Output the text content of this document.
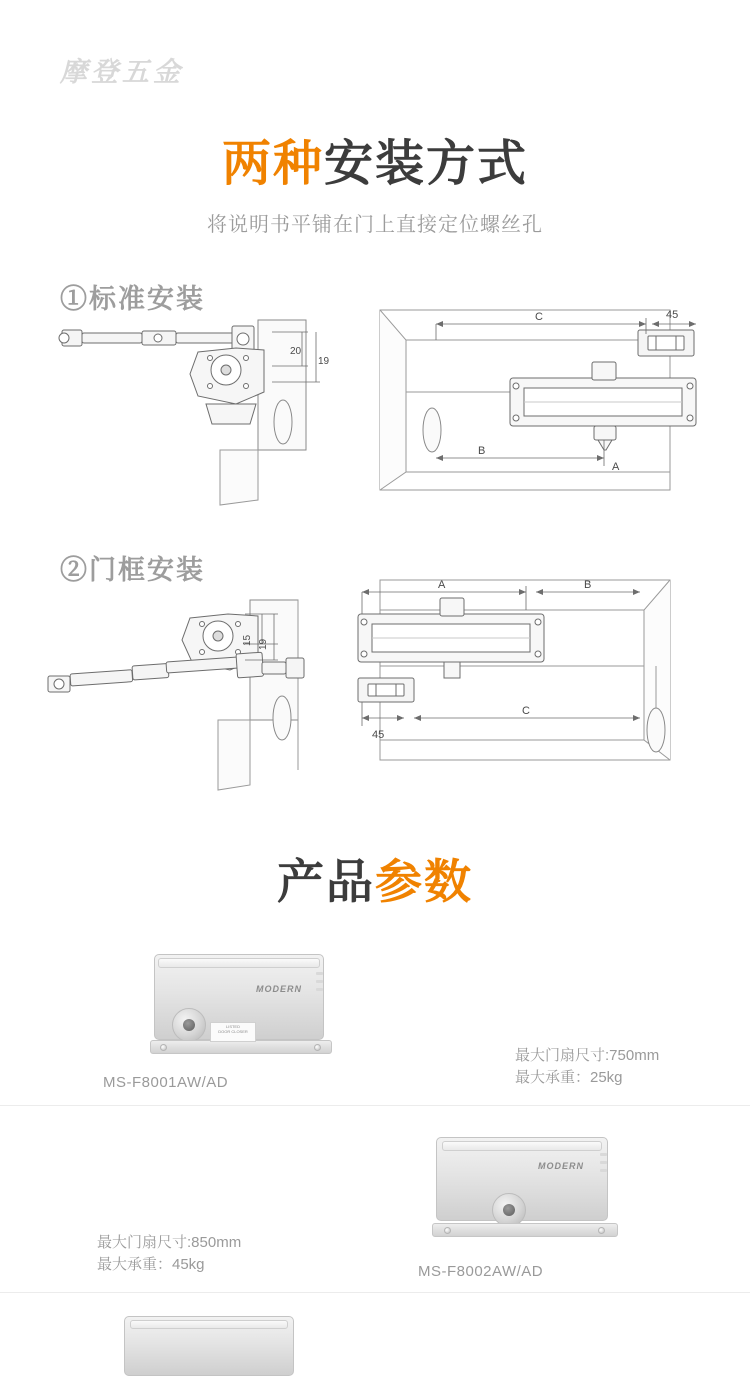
摩登五金
两种安装方式
将说明书平铺在门上直接定位螺丝孔
①标准安装
20
19
C	45
B
A
②门框安装
15 19
A	B
45
C
产品参数
MODERN
LISTED
DOOR CLOSER
MS-F8001AW/AD
最大门扇尺寸:750mm
最大承重：25kg
MODERN
最大门扇尺寸:850mm
最大承重：45kg	MS-F8002AW/AD
